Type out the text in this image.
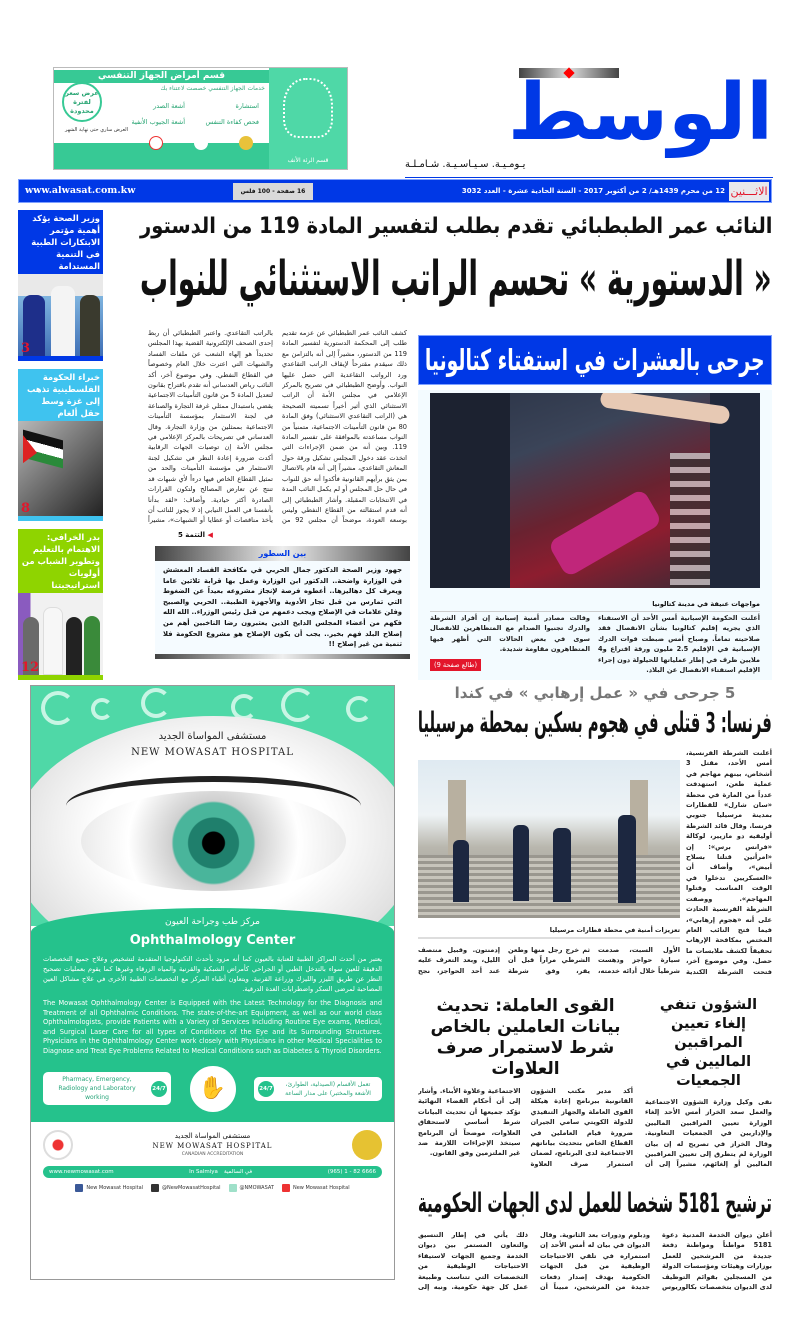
قسم أمراض الجهاز التنفسي
خدمات الجهاز التنفسي خصصت لاعتناء بك
عرض سعر لفترة محدودة
استشارة
فحص كفاءة التنفس
أشعة الصدر
أشعة الجيوب الأنفية
العرض ساري حتى نهاية الشهر
قسم الرئة الأنف
الوسط
يـومـيـة. سـيـاسـيـة. شـامـلـة
www.alwasat.com.kw	16 صفحة - 100 فلس	12 من محرم 1439هـ/ 2 من أكتوبر 2017 - السنة الحادية عشرة - العدد 3032 الاثـــنين
وزير الصحة يؤكد أهمية مؤتمر الابتكارات الطبية في التنمية المستدامة
3
خبراء الحكومة الفلسطينية تذهب إلى غزة وسط حقل ألغام
8
بدر الخرافي: الاهتمام بالتعليم وتطوير الشباب من أولويات استراتيجيتنا
12
النائب عمر الطبطبائي تقدم بطلب لتفسير المادة 119 من الدستور
« الدستورية » تحسم الراتب الاستثنائي للنواب
كشف النائب عمر الطبطبائي عن عزمه تقديم النواب. وأوضح الطبطبائي في تصريح بالمركز الإعلامي في مجلس الأمة أن الراتب الاستثنائي الذي أثير أخيراً تسميته الصحيحة هي (الراتب التقاعدي الاستثنائي) وفق المادة 80 من قانون التأمينات الاجتماعية، متمنياً من النواب مساعدته بالموافقة على تفسير المادة 119. وبين أنه من ضمن الإجراءات التي اتخذت عقد دخول المجلس تشكيل ورقة حول المعاش التقاعدي، مشيراً إلى أنه قام بالاتصال بمن يثق برأيهم القانونية فأكدوا أنه حق للنواب في حال حل المجلس أو لم يكمل النائب المدة في الانتخابات المقبلة. وأشار الطبطبائي إلى أنه قدم استقالته من القطاع النفطي وليس بوسعه العودة، موضحاً أن مجلس 92 من
بالراتب التقاعدي. واعتبر الطبطبائي أن ربط الإلكترونية القضية بهذا المجلس إلهاء الشعب عن ملفات الفساد التي اعترت خلال العام وخصوصاً النفطي. وفي موضوع آخر، أكد النائب رياض العدساني أنه تقدم باقتراح بقانون لتعديل المادة 5 من قانون التأمينات الاجتماعية يقضي باستبدال ممثلي غرفة التجارة والصناعة في لجنة الاستثمار بمؤسسة التأمينات الاجتماعية بممثلين من وزارة التجارة. وقال العدساني في تصريحات بالمركز الإعلامي في مجلس الأمة إن توصيات الجهات الرقابية أكدت ضرورة إعادة النظر في تشكيل لجنة الاستثمار في مؤسسة التأمينات والحد من تمثيل القطاع الخاص فيها درءاً لأي شبهات قد تنتج عن تعارض المصالح ولتكون القرارات الصادرة أكثر حيادية. وأضاف: «لقد بدأنا بأنفسنا في العمل النيابي إذ لا يجوز للنائب أن يأخذ مناقصات أو عطايا أو الشبهات»، مشيراً
◀ التتمة 5
بين السطور
جهود وزير الصحة الدكتور جمال الحربي في مكافحة الفساد المعشش في الوزارة واضحة.. الدكتور ابن الوزارة وعمل بها قرابة ثلاثين عاما ويعرف كل دهاليزها.. أعطوه فرصة لإنجاز مشروعه بعيداً عن الضغوط التي تمارس من قبل تجار الأدوية والأجهزة الطبية.. الحربي والصبيح وفلن علامات في الإصلاح ويجب دعمهم من قبل رئيس الوزراء.. الله الله فكهم من أعضاء المجلس الدايخ الذين يعتبرون رضا الناخبين أهم من إصلاح البلد فهم بخير.. يجب أن يكون الإصلاح هو مشروع الحكومة فلا تنمية من غير إصلاح !!
جرحى بالعشرات في استفتاء كتالونيا
مواجهات عنيفة في مدينة كتالونيا
أعلنت الحكومة الإسبانية أمس الأحد أن الاستفتاء الذي يجريه إقليم كتالونيا بشأن الانفصال فقد صلاحيته تماماً. وصباح أمس ضبطت قوات الدرك الإسبانية في الإقليم 2.5 مليون ورقة اقتراع و4 ملايين ظرف في إطار عملياتها للحيلولة دون إجراء الإقليم استفتاء الانفصال عن البلاد.
وقالت مصادر أمنية إسبانية إن أفراد الشرطة والدرك تجنبوا الصدام مع المتظاهرين للانفصال سوى في بعض الحالات التي أظهر فيها المتظاهرون مقاومة شديدة.
(طالع صفحة 9)
مستشفى المواساة الجديد
NEW MOWASAT HOSPITAL
مركز طب وجراحة العيون
Ophthalmology Center
يعتبر من أحدث المراكز الطبية للعناية بالعيون كما أنه مزود بأحدث التكنولوجيا المتقدمة لتشخيص وعلاج جميع التخصصات الدقيقة للعين سواء بالتدخل الطبي أو الجراحي كأمراض الشبكية والقرنية والمياه الزرقاء وغيرها كما يقوم بعمليات تصحيح النظر عن طريق الليزر والليزك وزراعة القرنية. ويتعاون أطباء المركز مع التخصصات الطبية الأخرى في علاج مشاكل العين المصاحبة لمرضى السكر واضطرابات الغدة الدرقية.
The Mowasat Ophthalmology Center is Equipped with the Latest Technology for the Diagnosis and Treatment of all Ophthalmic Conditions. The state-of-the-art Equipment, as well as our world class Ophthalmologists, provide Patients with a Variety of Services Including Routine Eye exams, Medical, and Surgical Laser Care for all types of Conditions of the Eye and its Surrounding Structures. Physicians in the Ophthalmology Center work closely with Physicians in other Medical Specialities to Diagnose and Treat Eye Problems Related to Medical Conditions such as Diabetes & Thyroid Disorders.
Pharmacy, Emergency, Radiology and Laboratory working
24/7	✋	24/7
تعمل الأقسام (الصيدلية، الطوارئ، الأشعة والمختبر) على مدار الساعة
مستشفى المواساة الجديد
NEW MOWASAT HOSPITAL
CANADIAN ACCREDITATION
www.newmowasat.com	In Salmiya في السالمية	(965) 1 - 82 6666
New Mowasat Hospital	@NewMowasatHospital	@NMOWASAT	New Mowasat Hospital
5 جرحى في « عمل إرهابي » في كندا
فرنسا: 3 قتلى في هجوم بسكين بمحطة مرسيليا
تعزيزات أمنية في محطة قطارات مرسيليا
أعلنت الشرطة الفرنسية، أمس الأحد، مقتل 3 أشخاص، بينهم مهاجم في عملية طعن، استهدفت عدداً من المارة في محطة «سان شارل» للقطارات بمدينة مرسيليا جنوبي فرنسا. وقال قائد الشرطة أوليفيه دو مازيير، لوكالة «فرانس برس»: إن «امرأتين قتلتا بسلاح أبيض»، وأضاف أن «العسكريين تدخلوا في الوقت المناسب وقتلوا المهاجم». ووصفت الشرطة الفرنسية الحادث على أنه «هجوم إرهابي»، فيما فتح النائب العام المختص بمكافحة الإرهاب تحقيقاً لكشف ملابسات ما حصل. وفي موضوع آخر، فتحت الشرطة الكندية
الأول السبت، صدمت سيارة حواجز ودهست شرطياً خلال أدائه خدمته، ثم خرج رجل منها وطعن الشرطي مراراً قبل أن يفر، وفق شرطة إدمنتون. وقبيل منتصف الليل، وبعد التعرف عليه عند أحد الحواجز، نجح
الشؤون تنفي إلغاء تعيين المراقبين الماليين في الجمعيات
نفى وكيل وزارة الشؤون الاجتماعية والعمل سعد الخراز أمس الأحد إلغاء الوزارة تعيين المراقبين الماليين والإداريين في الجمعيات التعاونية. وقال الخراز في تصريح له إن بيان الوزارة لم يتطرق إلى تعيين المراقبين الماليين أو إلغائهم، مشيراً إلى أن
القوى العاملة: تحديث بيانات العاملين بالخاص شرط لاستمرار صرف العلاوات
أكد مدير مكتب الشؤون القانونية ببرنامج إعادة هيكلة القوى العاملة والجهاز التنفيذي للدولة الكويتي سامي الجيران ضرورة قيام العاملين في القطاع الخاص بتحديث بياناتهم الاجتماعية لدى البرنامج، لضمان استمرار صرف العلاوة الاجتماعية وعلاوة الأبناء. وأشار إلى أن أحكام القضاء النهائية تؤكد جميعها أن تحديث البيانات شرط أساسي لاستحقاق العلاوات، موضحاً أن البرنامج سيتخذ الإجراءات اللازمة ضد غير الملتزمين وفق القانون.
ترشيح 5181 شخصا للعمل لدى الجهات الحكومية
أعلن ديوان الخدمة المدنية دعوة 5181 مواطناً ومواطنة دفعة جديدة من المرشحين للعمل بوزارات وهيئات ومؤسسات الدولة من المسجلين بقوائم التوظيف لدى الديوان بتخصصات بكالوريوس ودبلوم ودورات بعد الثانوية. وقال الديوان في بيان له أمس الأحد إن استمراره في تلقي الاحتياجات الوظيفية من قبل الجهات الحكومية بهدف إصدار دفعات جديدة من المرشحين، مبيناً أن ذلك يأتي في إطار التنسيق والتعاون المستمر بين ديوان الخدمة وجميع الجهات لاستيفاء الاحتياجات الوظيفية من التخصصات التي تتناسب وطبيعة عمل كل جهة حكومية. ونبه إلى
